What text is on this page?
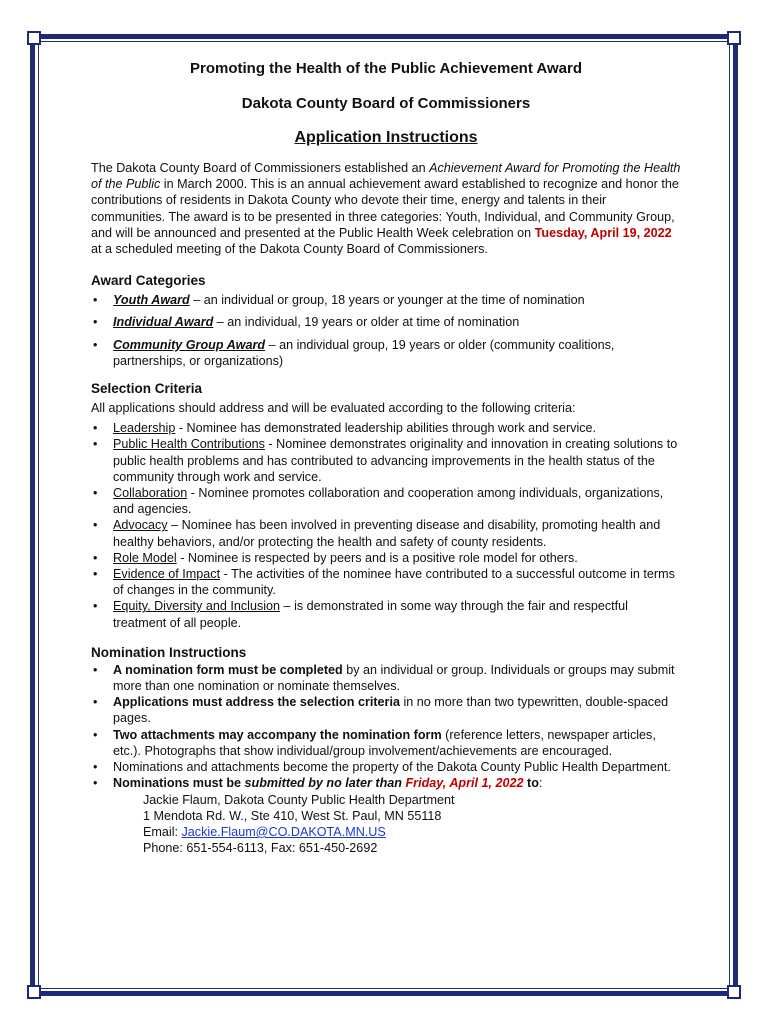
Promoting the Health of the Public Achievement Award
Dakota County Board of Commissioners
Application Instructions

The Dakota County Board of Commissioners established an Achievement Award for Promoting the Health of the Public in March 2000. This is an annual achievement award established to recognize and honor the contributions of residents in Dakota County who devote their time, energy and talents in their communities. The award is to be presented in three categories: Youth, Individual, and Community Group, and will be announced and presented at the Public Health Week celebration on Tuesday, April 19, 2022 at a scheduled meeting of the Dakota County Board of Commissioners.

Award Categories
• Youth Award – an individual or group, 18 years or younger at the time of nomination
• Individual Award – an individual, 19 years or older at time of nomination
• Community Group Award – an individual group, 19 years or older (community coalitions, partnerships, or organizations)
Selection Criteria

All applications should address and will be evaluated according to the following criteria:

• Leadership - Nominee has demonstrated leadership abilities through work and service.
• Public Health Contributions - Nominee demonstrates originality and innovation in creating solutions to public health problems and has contributed to advancing improvements in the health status of the community through work and service.
• Collaboration - Nominee promotes collaboration and cooperation among individuals, organizations, and agencies.
• Advocacy – Nominee has been involved in preventing disease and disability, promoting health and healthy behaviors, and/or protecting the health and safety of county residents.
• Role Model - Nominee is respected by peers and is a positive role model for others.
• Evidence of Impact - The activities of the nominee have contributed to a successful outcome in terms of changes in the community.
• Equity, Diversity and Inclusion – is demonstrated in some way through the fair and respectful treatment of all people.
Nomination Instructions
• A nomination form must be completed by an individual or group. Individuals or groups may submit more than one nomination or nominate themselves.
• Applications must address the selection criteria in no more than two typewritten, double-spaced pages.
• Two attachments may accompany the nomination form (reference letters, newspaper articles, etc.). Photographs that show individual/group involvement/achievements are encouraged.
• Nominations and attachments become the property of the Dakota County Public Health Department.
• Nominations must be submitted by no later than Friday, April 1, 2022 to:
Jackie Flaum, Dakota County Public Health Department
1 Mendota Rd. W., Ste 410, West St. Paul, MN 55118
Email: Jackie.Flaum@CO.DAKOTA.MN.US
Phone: 651-554-6113, Fax: 651-450-2692
